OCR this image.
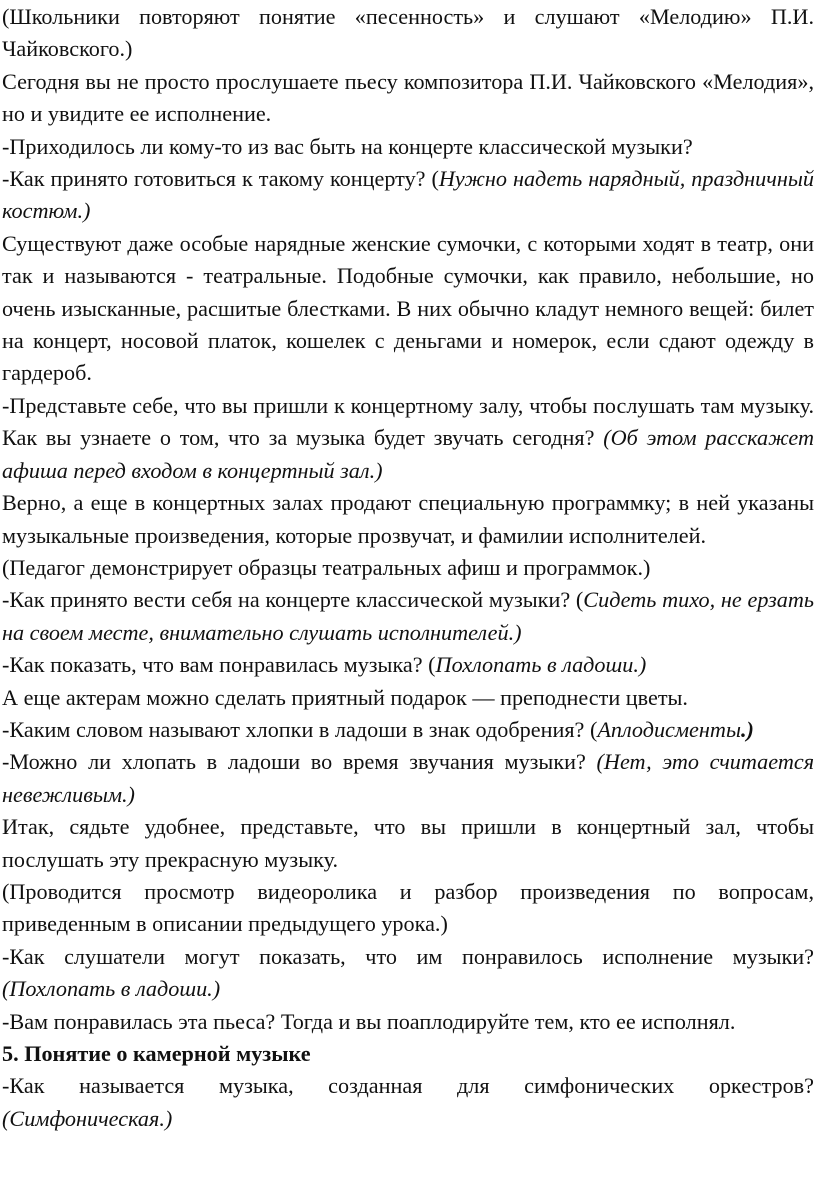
(Школьники повторяют понятие «песенность» и слушают «Мелодию» П.И. Чайковского.)

Сегодня вы не просто прослушаете пьесу композитора П.И. Чайковского «Мелодия», но и увидите ее исполнение.

-Приходилось ли кому-то из вас быть на концерте классической музыки?

-Как принято готовиться к такому концерту? (Нужно надеть нарядный, праздничный костюм.)

Существуют даже особые нарядные женские сумочки, с которыми ходят в театр, они так и называются - театральные. Подобные сумочки, как правило, небольшие, но очень изысканные, расшитые блестками. В них обычно кладут немного вещей: билет на концерт, носовой платок, кошелек с деньгами и номерок, если сдают одежду в гардероб.

-Представьте себе, что вы пришли к концертному залу, чтобы послушать там музыку. Как вы узнаете о том, что за музыка будет звучать сегодня? (Об этом расскажет афиша перед входом в концертный зал.)

Верно, а еще в концертных залах продают специальную программку; в ней указаны музыкальные произведения, которые прозвучат, и фамилии исполнителей.

(Педагог демонстрирует образцы театральных афиш и программок.)

-Как принято вести себя на концерте классической музыки? (Сидеть тихо, не ерзать на своем месте, внимательно слушать исполнителей.)

-Как показать, что вам понравилась музыка? (Похлопать в ладоши.)

А еще актерам можно сделать приятный подарок — преподнести цветы.

-Каким словом называют хлопки в ладоши в знак одобрения? (Аплодисменты.)

-Можно ли хлопать в ладоши во время звучания музыки? (Нет, это считается невежливым.)

Итак, сядьте удобнее, представьте, что вы пришли в концертный зал, чтобы послушать эту прекрасную музыку.

(Проводится просмотр видеоролика и разбор произведения по вопросам, приведенным в описании предыдущего урока.)

-Как слушатели могут показать, что им понравилось исполнение музыки? (Похлопать в ладоши.)

-Вам понравилась эта пьеса? Тогда и вы поаплодируйте тем, кто ее исполнял.

5. Понятие о камерной музыке

-Как называется музыка, созданная для симфонических оркестров? (Симфоническая.)
